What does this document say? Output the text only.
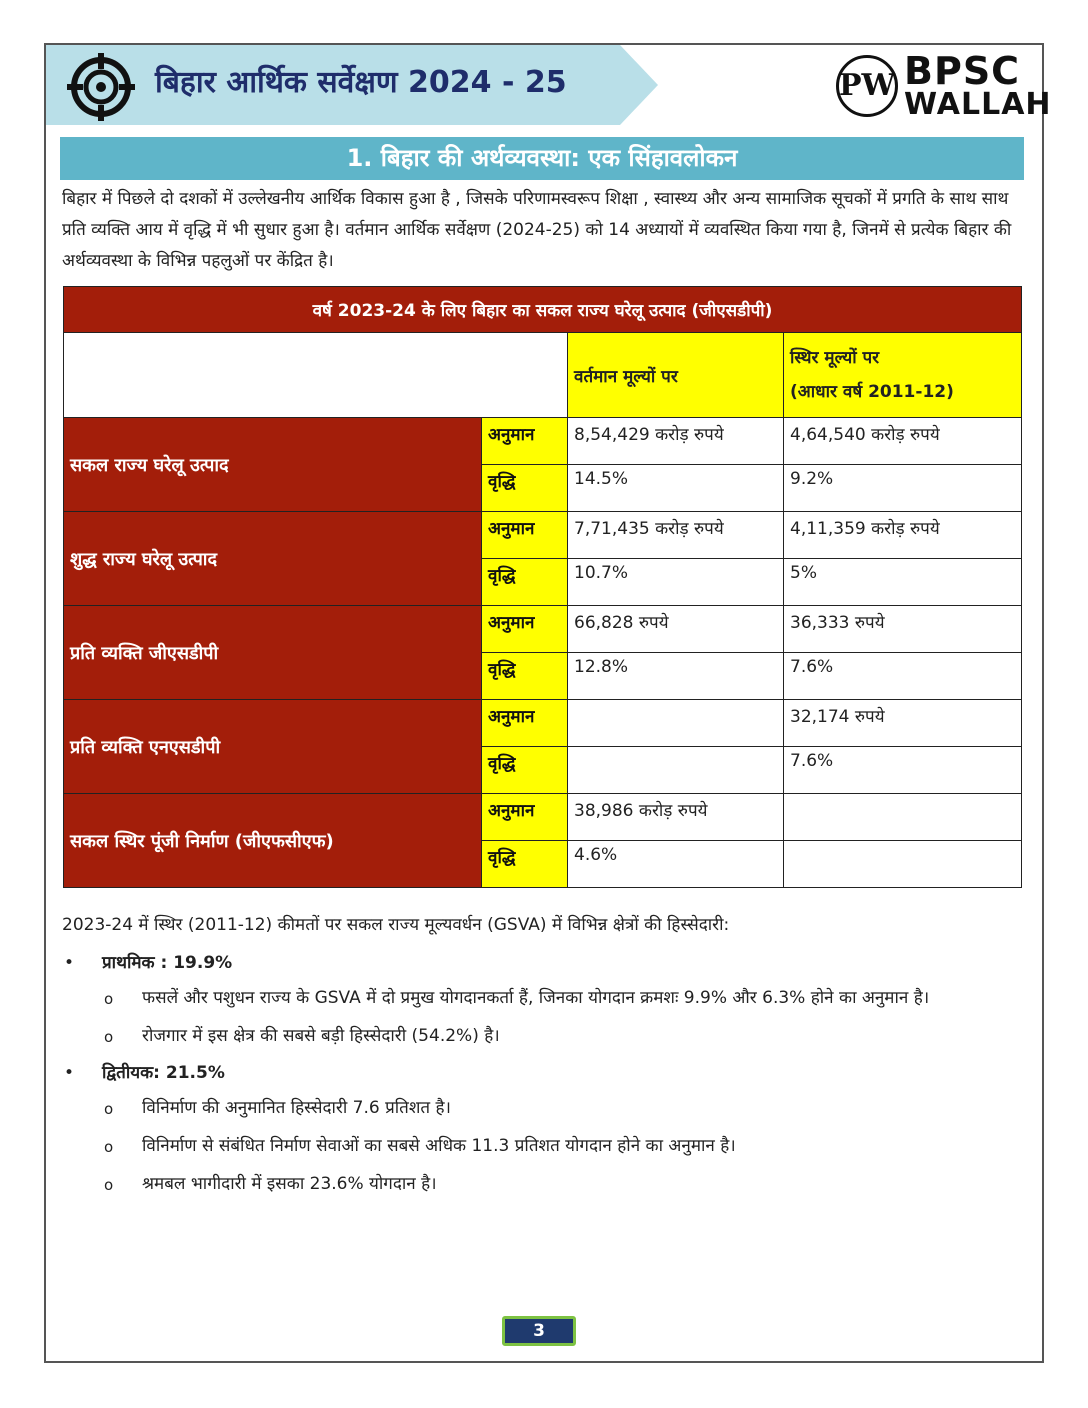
बिहार आर्थिक सर्वेक्षण 2024 - 25	PW BPSC
WALLAH
1. बिहार की अर्थव्यवस्था: एक सिंहावलोकन

बिहार में पिछले दो दशकों में उल्लेखनीय आर्थिक विकास हुआ है , जिसके परिणामस्वरूप शिक्षा , स्वास्थ्य और अन्य सामाजिक सूचकों में प्रगति के साथ साथ प्रति व्यक्ति आय में वृद्धि में भी सुधार हुआ है। वर्तमान आर्थिक सर्वेक्षण (2024-25) को 14 अध्यायों में व्यवस्थित किया गया है, जिनमें से प्रत्येक बिहार की अर्थव्यवस्था के विभिन्न पहलुओं पर केंद्रित है।

वर्ष 2023-24 के लिए बिहार का सकल राज्य घरेलू उत्पाद (जीएसडीपी)			
		वर्तमान मूल्यों पर	स्थिर मूल्यों पर
(आधार वर्ष 2011-12)

सकल राज्य घरेलू उत्पाद	अनुमान	8,54,429 करोड़ रुपये	4,64,540 करोड़ रुपये
	वृद्धि	14.5%	9.2%
शुद्ध राज्य घरेलू उत्पाद	अनुमान	7,71,435 करोड़ रुपये	4,11,359 करोड़ रुपये
	वृद्धि	10.7%	5%
प्रति व्यक्ति जीएसडीपी	अनुमान	66,828 रुपये	36,333 रुपये
	वृद्धि	12.8%	7.6%
प्रति व्यक्ति एनएसडीपी	अनुमान		32,174 रुपये
	वृद्धि		7.6%
सकल स्थिर पूंजी निर्माण (जीएफसीएफ)	अनुमान	38,986 करोड़ रुपये	
	वृद्धि	4.6%	
2023-24 में स्थिर (2011-12) कीमतों पर सकल राज्य मूल्यवर्धन (GSVA) में विभिन्न क्षेत्रों की हिस्सेदारी:
• प्राथमिक : 19.9%
o फसलें और पशुधन राज्य के GSVA में दो प्रमुख योगदानकर्ता हैं, जिनका योगदान क्रमशः 9.9% और 6.3% होने का अनुमान है।
o रोजगार में इस क्षेत्र की सबसे बड़ी हिस्सेदारी (54.2%) है।
• द्वितीयक: 21.5%
o विनिर्माण की अनुमानित हिस्सेदारी 7.6 प्रतिशत है।
o विनिर्माण से संबंधित निर्माण सेवाओं का सबसे अधिक 11.3 प्रतिशत योगदान होने का अनुमान है।
o श्रमबल भागीदारी में इसका 23.6% योगदान है।
3
